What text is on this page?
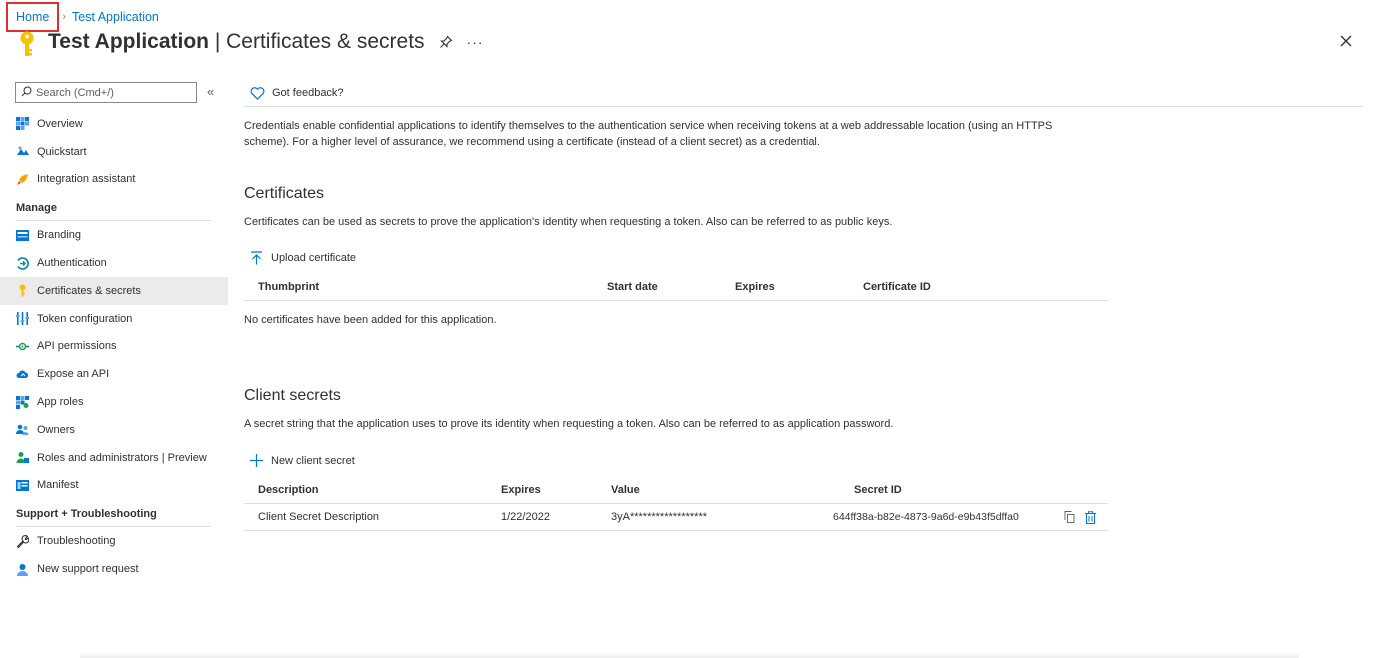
Home	› Test Application
Test Application | Certificates & secrets	···
Search (Cmd+/)
«
Overview
Quickstart
Integration assistant
Manage
Branding
Authentication
Certificates & secrets
Token configuration
API permissions
Expose an API
App roles
Owners
Roles and administrators | Preview
Manifest
Support + Troubleshooting
Troubleshooting
New support request
Got feedback?

Credentials enable confidential applications to identify themselves to the authentication service when receiving tokens at a web addressable location (using an HTTPS scheme). For a higher level of assurance, we recommend using a certificate (instead of a client secret) as a credential.

Certificates
Certificates can be used as secrets to prove the application's identity when requesting a token. Also can be referred to as public keys.
Upload certificate
Thumbprint	Start date	Expires	Certificate ID
No certificates have been added for this application.
Client secrets
A secret string that the application uses to prove its identity when requesting a token. Also can be referred to as application password.
New client secret
Description	Expires	Value	Secret ID
Client Secret Description	1/22/2022	3yA******************	644ff38a-b82e-4873-9a6d-e9b43f5dffa0
